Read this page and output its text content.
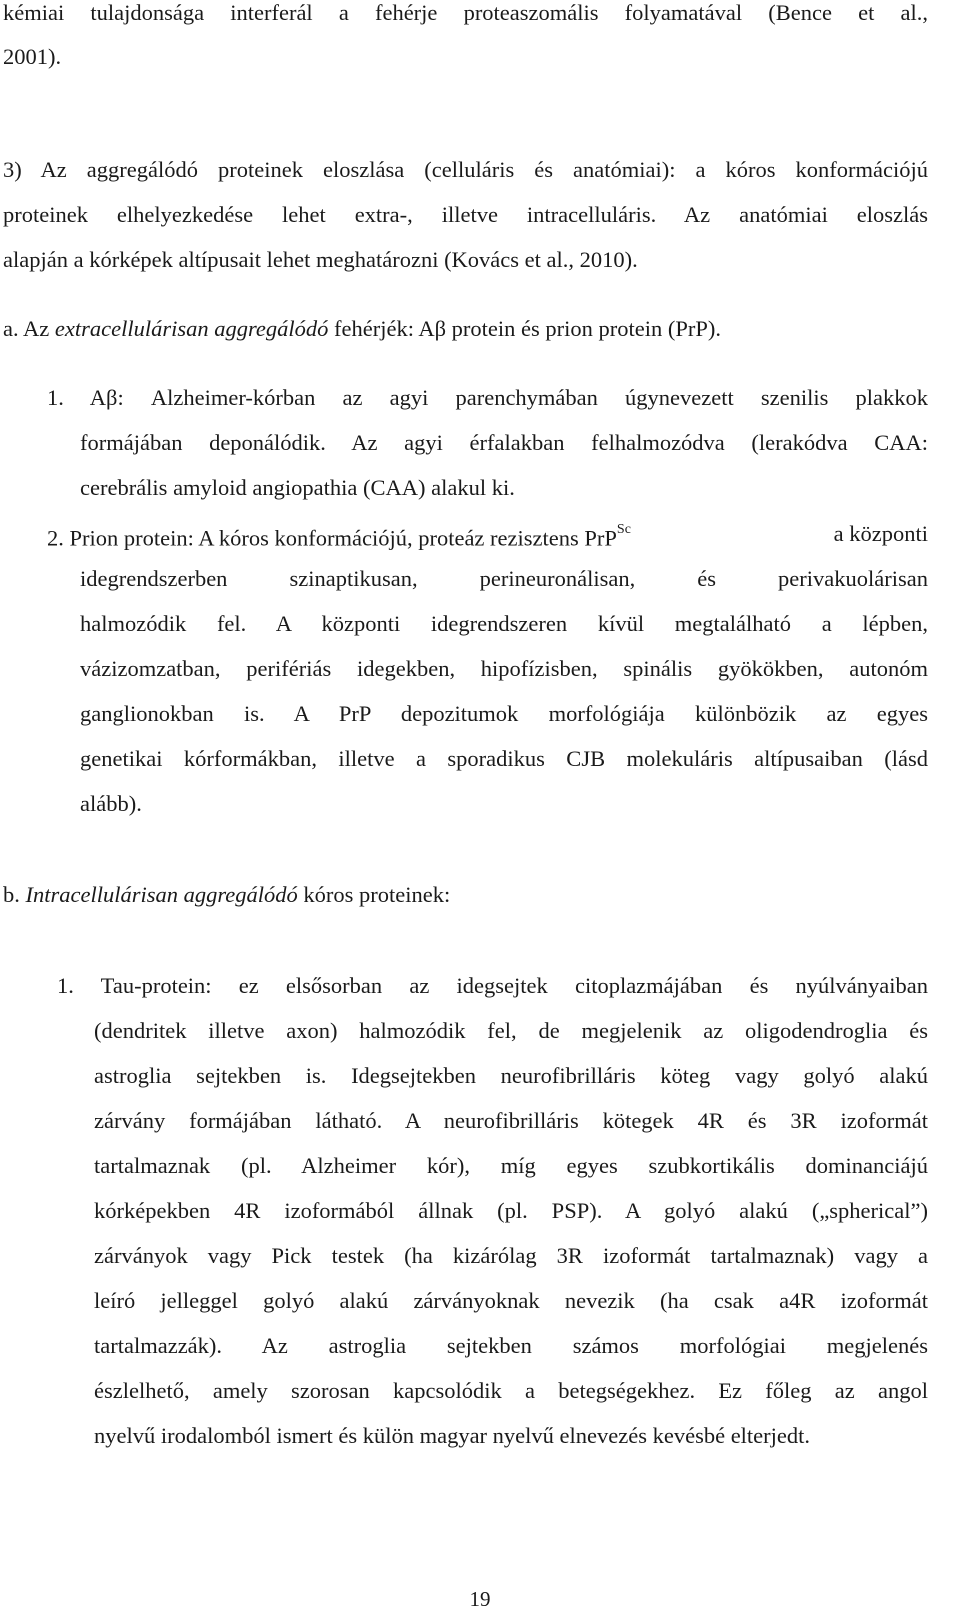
kémiai tulajdonsága interferál a fehérje proteaszomális folyamatával (Bence et al.,
2001).
3) Az aggregálódó proteinek eloszlása (celluláris és anatómiai): a kóros konformációjú
proteinek elhelyezkedése lehet extra-, illetve intracelluláris. Az anatómiai eloszlás
alapján a kórképek altípusait lehet meghatározni (Kovács et al., 2010).
a. Az extracellulárisan aggregálódó fehérjék: Aβ protein és prion protein (PrP).
1. Aβ: Alzheimer-kórban az agyi parenchymában úgynevezett szenilis plakkok
formájában deponálódik. Az agyi érfalakban felhalmozódva (lerakódva CAA:
cerebrális amyloid angiopathia (CAA) alakul ki.
2. Prion protein: A kóros konformációjú, proteáz rezisztens PrP$^{Sc}$	a központi
idegrendszerben szinaptikusan, perineuronálisan, és perivakuolárisan
halmozódik fel. A központi idegrendszeren kívül megtalálható a lépben,
vázizomzatban, perifériás idegekben, hipofízisben, spinális gyökökben, autonóm
ganglionokban is. A PrP depozitumok morfológiája különbözik az egyes
genetikai kórformákban, illetve a sporadikus CJB molekuláris altípusaiban (lásd
alább).
b. Intracellulárisan aggregálódó kóros proteinek:
1. Tau-protein: ez elsősorban az idegsejtek citoplazmájában és nyúlványaiban
(dendritek illetve axon) halmozódik fel, de megjelenik az oligodendroglia és
astroglia sejtekben is. Idegsejtekben neurofibrilláris köteg vagy golyó alakú
zárvány formájában látható. A neurofibrilláris kötegek 4R és 3R izoformát
tartalmaznak (pl. Alzheimer kór), míg egyes szubkortikális dominanciájú
kórképekben 4R izoformából állnak (pl. PSP). A golyó alakú („spherical”)
zárványok vagy Pick testek (ha kizárólag 3R izoformát tartalmaznak) vagy a
leíró jelleggel golyó alakú zárványoknak nevezik (ha csak a4R izoformát
tartalmazzák). Az astroglia sejtekben számos morfológiai megjelenés
észlelhető, amely szorosan kapcsolódik a betegségekhez. Ez főleg az angol
nyelvű irodalomból ismert és külön magyar nyelvű elnevezés kevésbé elterjedt.
19
